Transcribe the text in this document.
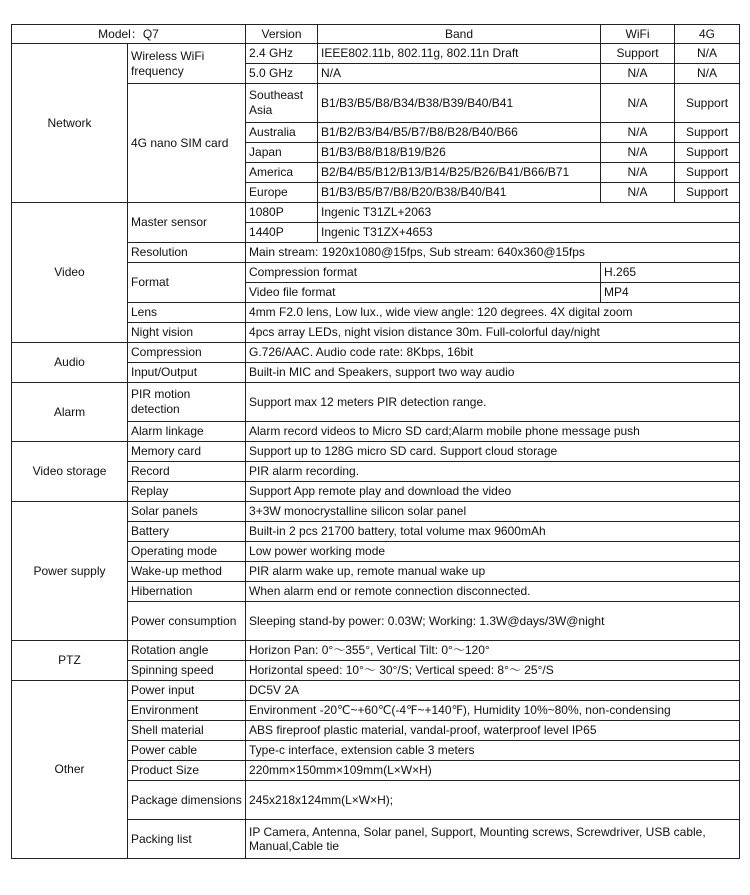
Model：Q7		Version	Band	WiFi	4G
Network	Wireless WiFi frequency	2.4 GHz	IEEE802.11b, 802.11g, 802.11n Draft	Support	N/A
		5.0 GHz	N/A	N/A	N/A
	4G nano SIM card	Southeast Asia	B1/B3/B5/B8/B34/B38/B39/B40/B41	N/A	Support
		Australia	B1/B2/B3/B4/B5/B7/B8/B28/B40/B66	N/A	Support
		Japan	B1/B3/B8/B18/B19/B26	N/A	Support
		America	B2/B4/B5/B12/B13/B14/B25/B26/B41/B66/B71	N/A	Support
		Europe	B1/B3/B5/B7/B8/B20/B38/B40/B41	N/A	Support
Video	Master sensor	1080P	Ingenic T31ZL+2063		
		1440P	Ingenic T31ZX+4653		
	Resolution	Main stream: 1920x1080@15fps, Sub stream: 640x360@15fps			
	Format	Compression format		H.265	
		Video file format		MP4	
	Lens	4mm F2.0 lens, Low lux., wide view angle: 120 degrees. 4X digital zoom			
	Night vision	4pcs array LEDs, night vision distance 30m. Full-colorful day/night			
Audio	Compression	G.726/AAC. Audio code rate: 8Kbps, 16bit			
	Input/Output	Built-in MIC and Speakers, support two way audio			
Alarm	PIR motion detection	Support max 12 meters PIR detection range.			
	Alarm linkage	Alarm record videos to Micro SD card;Alarm mobile phone message push			
Video storage	Memory card	Support up to 128G micro SD card. Support cloud storage			
	Record	PIR alarm recording.			
	Replay	Support App remote play and download the video			
Power supply	Solar panels	3+3W monocrystalline silicon solar panel			
	Battery	Built-in 2 pcs 21700 battery, total volume max 9600mAh			
	Operating mode	Low power working mode			
	Wake-up method	PIR alarm wake up, remote manual wake up			
	Hibernation	When alarm end or remote connection disconnected.			
	Power consumption	Sleeping stand-by power: 0.03W; Working: 1.3W@days/3W@night			
PTZ	Rotation angle	Horizon Pan: 0°～355°, Vertical Tilt: 0°～120°			
	Spinning speed	Horizontal speed: 10°～ 30°/S; Vertical speed: 8°～ 25°/S			
Other	Power input	DC5V 2A			
	Environment	Environment -20℃~+60℃(-4℉~+140℉), Humidity 10%~80%, non-condensing			
	Shell material	ABS fireproof plastic material, vandal-proof, waterproof level IP65			
	Power cable	Type-c interface, extension cable 3 meters			
	Product Size	220mm×150mm×109mm(L×W×H)			
	Package dimensions	245x218x124mm(L×W×H);			
	Packing list	IP Camera, Antenna, Solar panel, Support, Mounting screws, Screwdriver, USB cable, Manual,Cable tie			
